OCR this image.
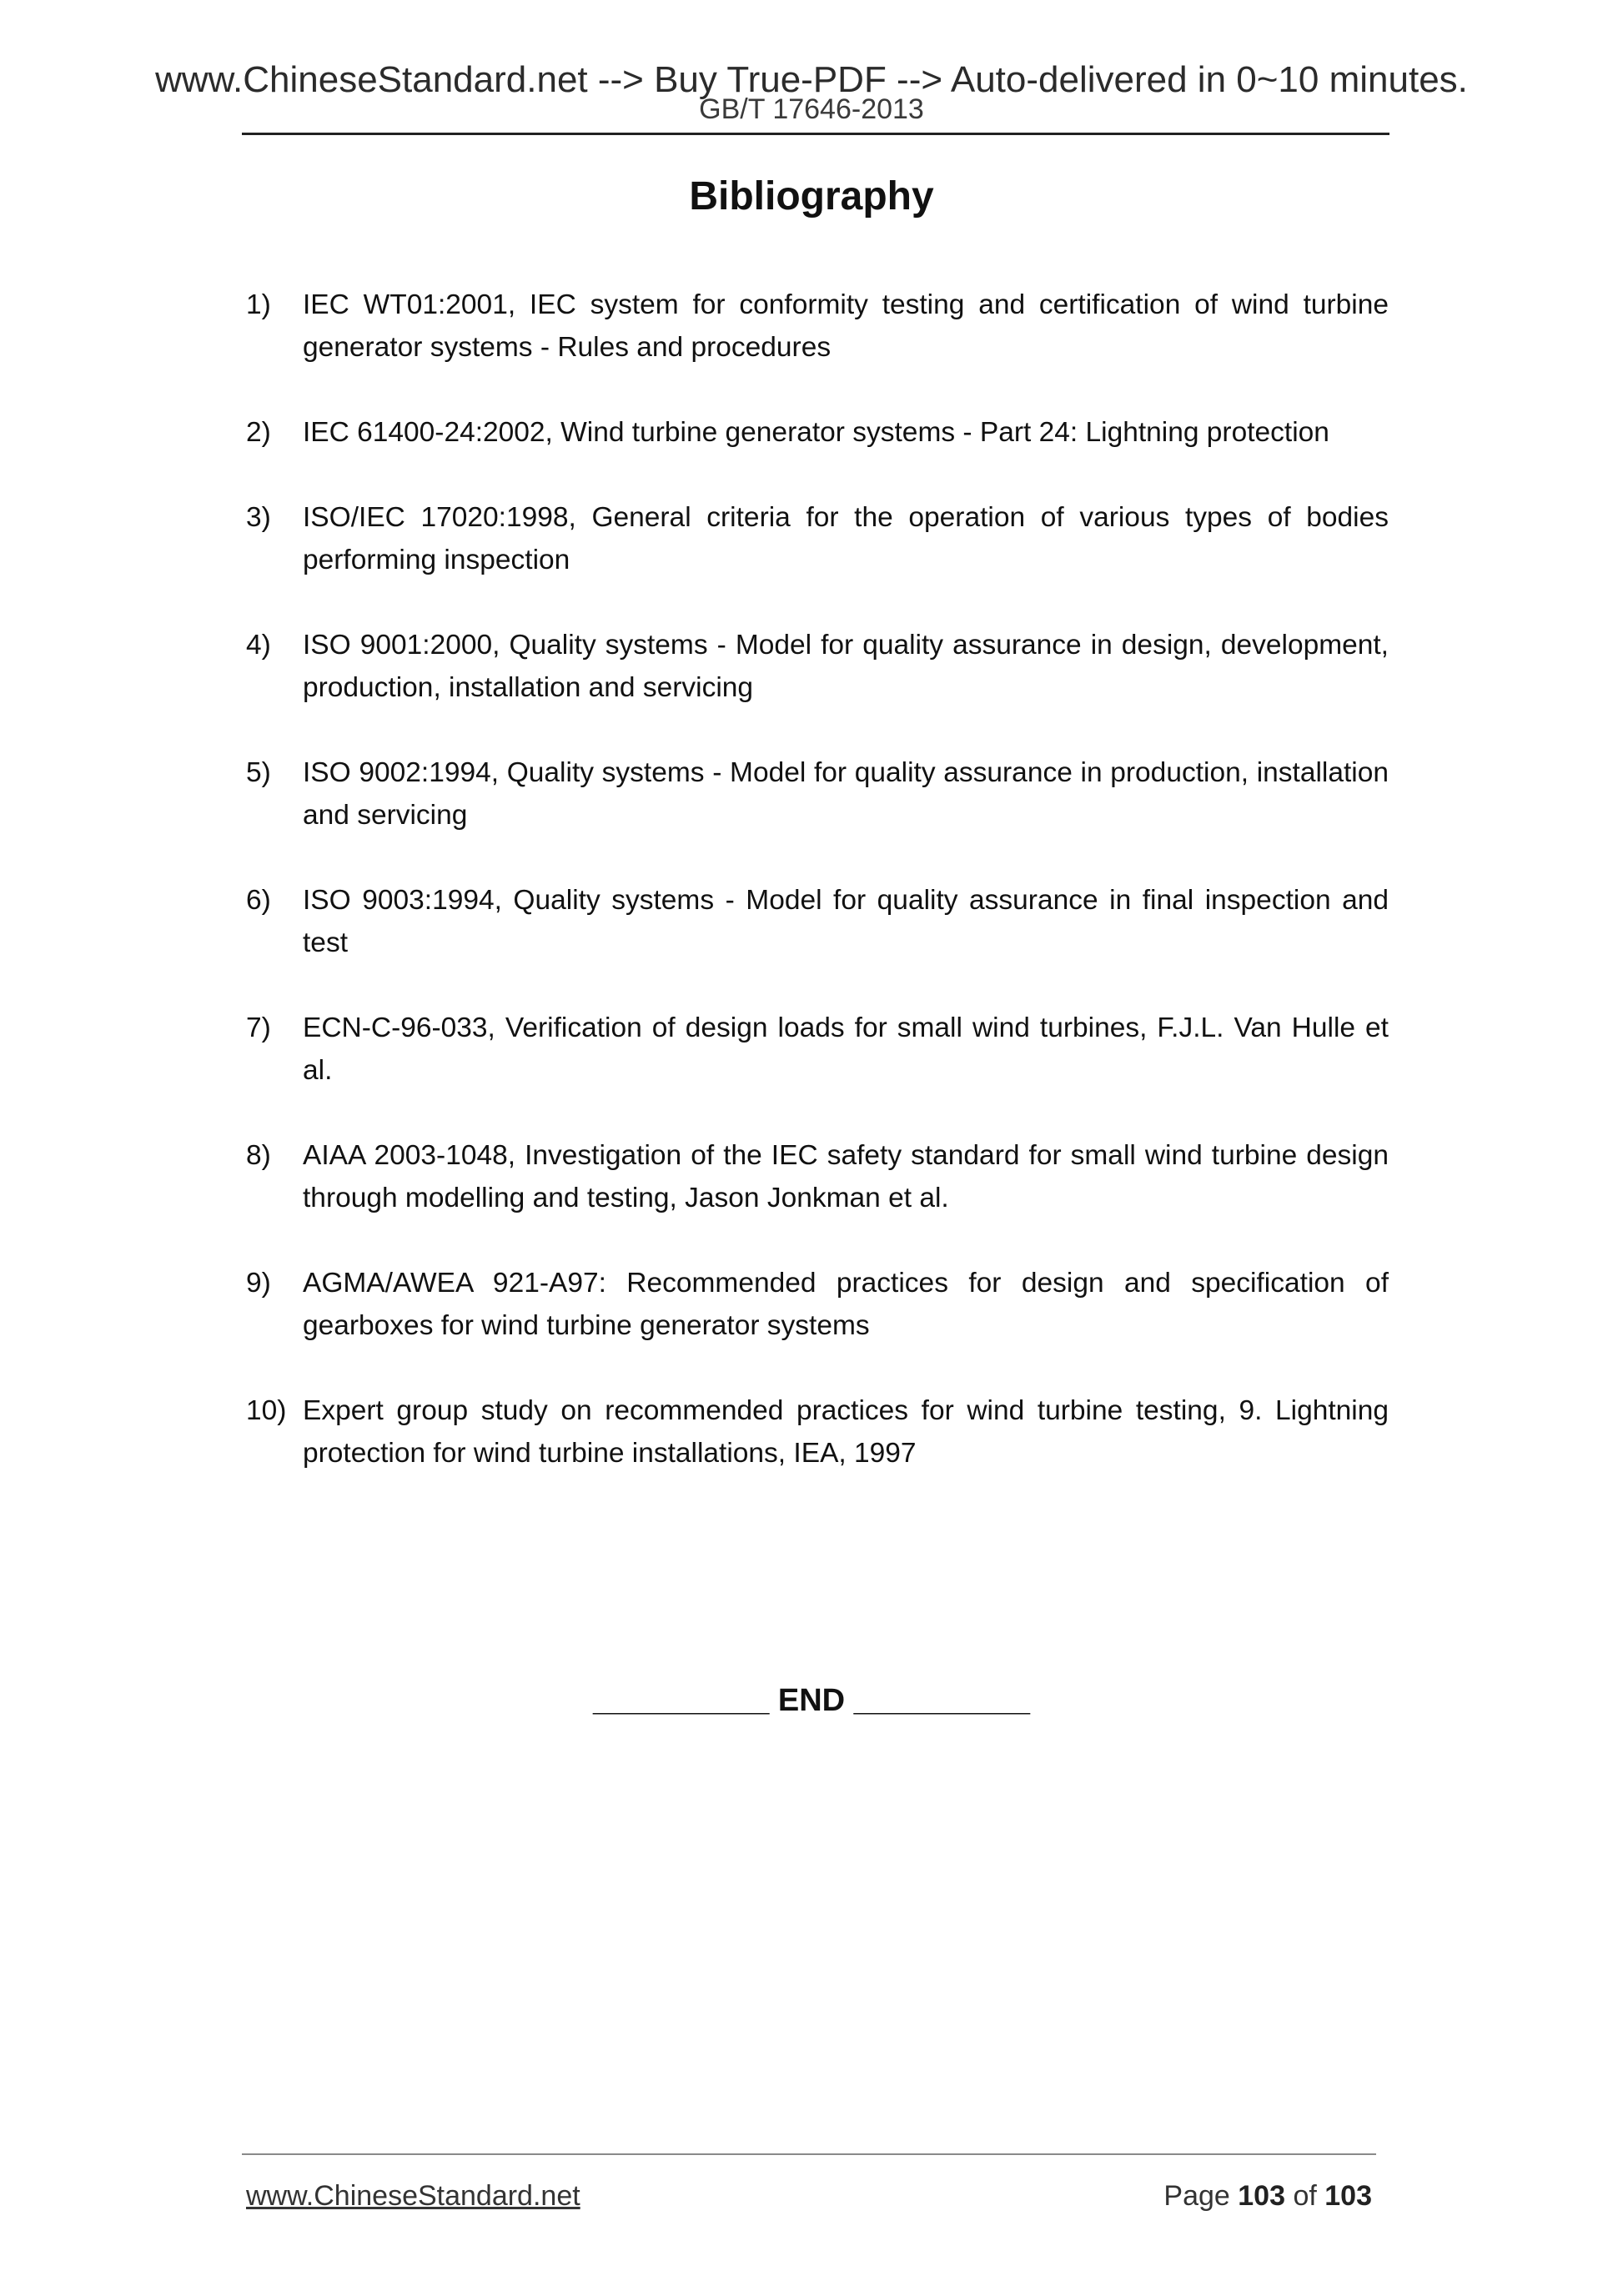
www.ChineseStandard.net --> Buy True-PDF --> Auto-delivered in 0~10 minutes.
GB/T 17646-2013
Bibliography
1) IEC WT01:2001, IEC system for conformity testing and certification of wind turbine generator systems - Rules and procedures
2) IEC 61400-24:2002, Wind turbine generator systems - Part 24: Lightning protection
3) ISO/IEC 17020:1998, General criteria for the operation of various types of bodies performing inspection
4) ISO 9001:2000, Quality systems - Model for quality assurance in design, development, production, installation and servicing
5) ISO 9002:1994, Quality systems - Model for quality assurance in production, installation and servicing
6) ISO 9003:1994, Quality systems - Model for quality assurance in final inspection and test
7) ECN-C-96-033, Verification of design loads for small wind turbines, F.J.L. Van Hulle et al.
8) AIAA 2003-1048, Investigation of the IEC safety standard for small wind turbine design through modelling and testing, Jason Jonkman et al.
9) AGMA/AWEA 921-A97: Recommended practices for design and specification of gearboxes for wind turbine generator systems
10) Expert group study on recommended practices for wind turbine testing, 9. Lightning protection for wind turbine installations, IEA, 1997
__________ END __________
www.ChineseStandard.net	Page 103 of 103
